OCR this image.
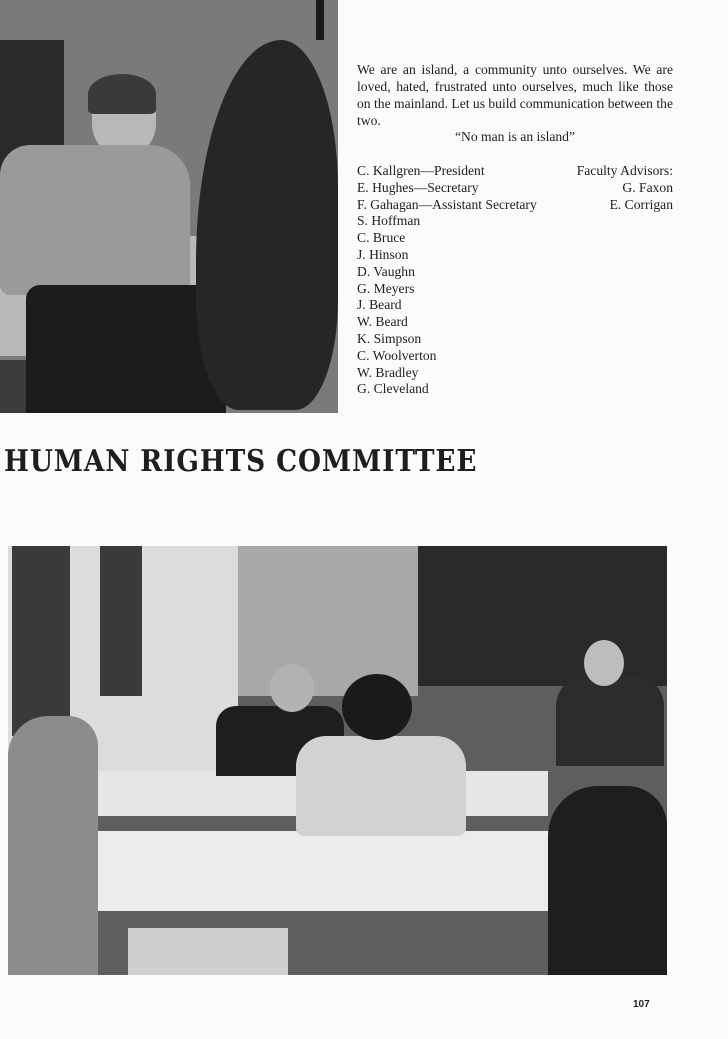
We are an island, a community unto ourselves. We are loved, hated, frustrated unto ourselves, much like those on the mainland. Let us build communication between the two.

“No man is an island”

C. Kallgren—President
E. Hughes—Secretary
F. Gahagan—Assistant Secretary
S. Hoffman
C. Bruce
J. Hinson
D. Vaughn
G. Meyers
J. Beard
W. Beard
K. Simpson
C. Woolverton
W. Bradley
G. Cleveland
Faculty Advisors:
G. Faxon
E. Corrigan
HUMAN RIGHTS COMMITTEE
107
